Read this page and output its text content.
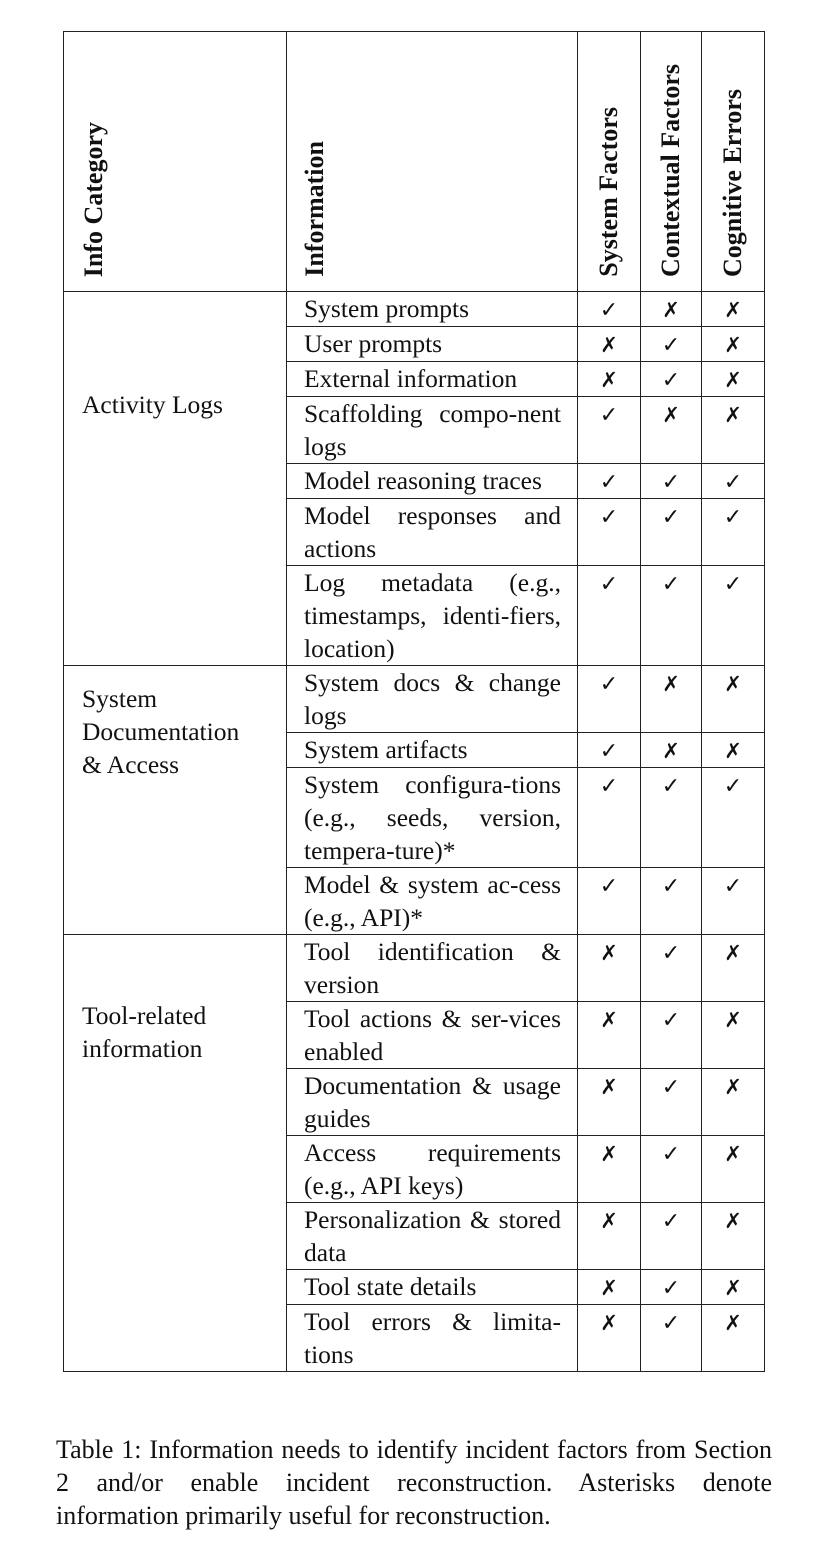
Info Category	Information	System Factors	Contextual Factors	Cognitive Errors

Activity Logs	System prompts	✓	✗	✗
	User prompts	✗	✓	✗
	External information	✗	✓	✗
	Scaffolding compo-nent logs	✓	✗	✗
	Model reasoning traces	✓	✓	✓
	Model responses and actions	✓	✓	✓
	Log metadata (e.g., timestamps, identi-fiers, location)	✓	✓	✓

System
Documentation
& Access	System docs & change logs	✓	✗	✗
	System artifacts	✓	✗	✗
	System configura-tions (e.g., seeds, version, tempera-ture)*	✓	✓	✓
	Model & system ac-cess (e.g., API)*	✓	✓	✓

Tool-related
information	Tool identification & version	✗	✓	✗
	Tool actions & ser-vices enabled	✗	✓	✗
	Documentation & usage guides	✗	✓	✗
	Access requirements (e.g., API keys)	✗	✓	✗
	Personalization & stored data	✗	✓	✗
	Tool state details	✗	✓	✗
	Tool errors & limita-tions	✗	✓	✗
Table 1: Information needs to identify incident factors from Section 2 and/or enable incident reconstruction. Asterisks denote information primarily useful for reconstruction.
